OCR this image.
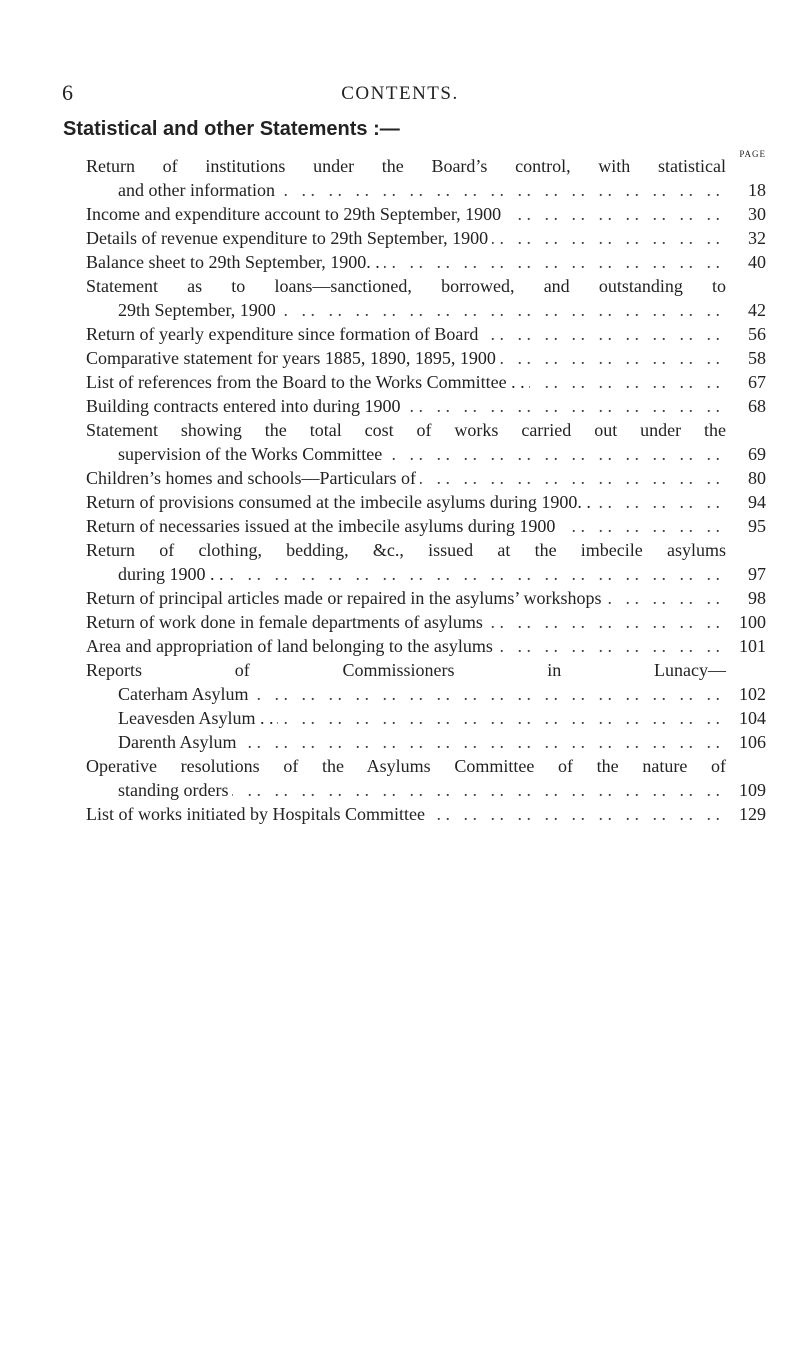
6	CONTENTS.
Statistical and other Statements :—
PAGE
Return of institutions under the Board’s control, with statistical
. . and other information	18
. . Income and expenditure account to 29th September, 1900	30
. . Details of revenue expenditure to 29th September, 1900	32
. . Balance sheet to 29th September, 1900. .	40
Statement as to loans—sanctioned, borrowed, and outstanding to
. . 29th September, 1900	42
. . Return of yearly expenditure since formation of Board	56
. . Comparative statement for years 1885, 1890, 1895, 1900	58
. . List of references from the Board to the Works Committee . .	67
. . Building contracts entered into during 1900	68
Statement showing the total cost of works carried out under the
. . supervision of the Works Committee	69
. . Children’s homes and schools—Particulars of	80
. . Return of provisions consumed at the imbecile asylums during 1900. .	94
. . Return of necessaries issued at the imbecile asylums during 1900	95
Return of clothing, bedding, &c., issued at the imbecile asylums
. . during 1900 . .	97
. . Return of principal articles made or repaired in the asylums’ workshops	98
. . Return of work done in female departments of asylums	100
. . Area and appropriation of land belonging to the asylums	101
Reports of Commissioners in Lunacy—
. . Caterham Asylum	102
. . Leavesden Asylum . .	104
. . Darenth Asylum	106
Operative resolutions of the Asylums Committee of the nature of
. . standing orders	109
. . List of works initiated by Hospitals Committee	129
